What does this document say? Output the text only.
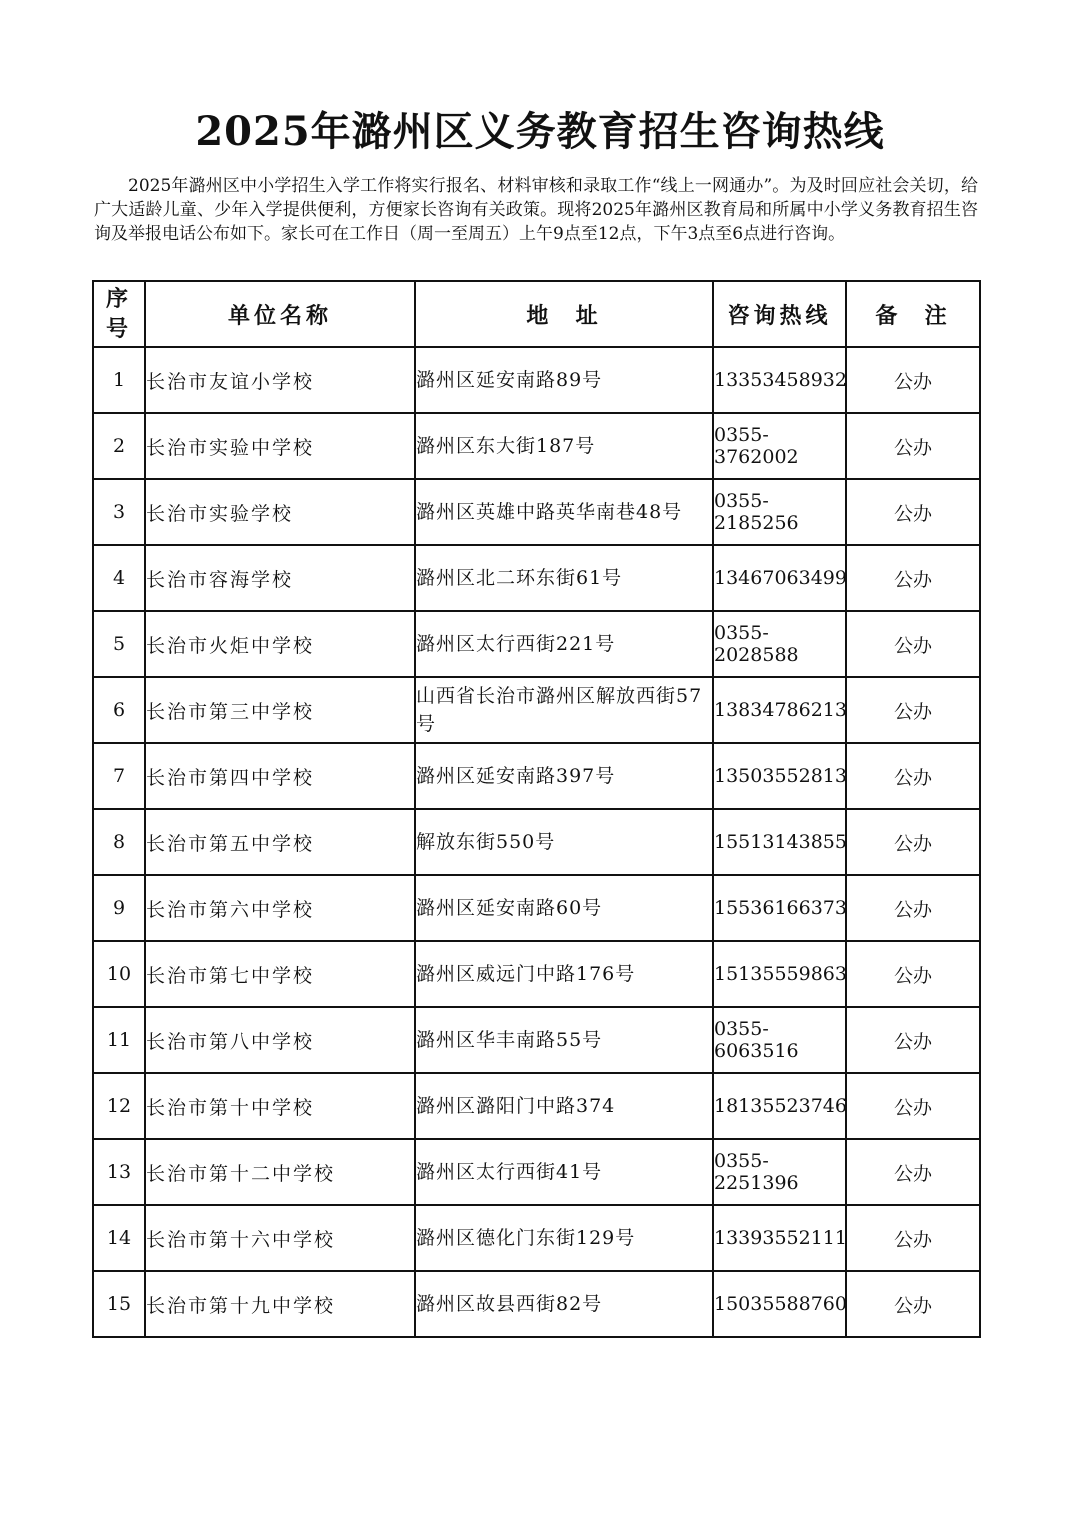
2025年潞州区义务教育招生咨询热线

2025年潞州区中小学招生入学工作将实行报名、材料审核和录取工作“线上一网通办”。为及时回应社会关切，给广大适龄儿童、少年入学提供便利，方便家长咨询有关政策。现将2025年潞州区教育局和所属中小学义务教育招生咨询及举报电话公布如下。家长可在工作日（周一至周五）上午9点至12点，下午3点至6点进行咨询。

序号	单位名称	地  址	咨询热线	备  注
1	长治市友谊小学校	潞州区延安南路89号	13353458932	公办
2	长治市实验中学校	潞州区东大街187号	0355-3762002	公办
3	长治市实验学校	潞州区英雄中路英华南巷48号	0355-2185256	公办
4	长治市容海学校	潞州区北二环东街61号	13467063499	公办
5	长治市火炬中学校	潞州区太行西街221号	0355-2028588	公办
6	长治市第三中学校	山西省长治市潞州区解放西街57号	13834786213	公办
7	长治市第四中学校	潞州区延安南路397号	13503552813	公办
8	长治市第五中学校	解放东街550号	15513143855	公办
9	长治市第六中学校	潞州区延安南路60号	15536166373	公办
10	长治市第七中学校	潞州区威远门中路176号	15135559863	公办
11	长治市第八中学校	潞州区华丰南路55号	0355-6063516	公办
12	长治市第十中学校	潞州区潞阳门中路374	18135523746	公办
13	长治市第十二中学校	潞州区太行西街41号	0355-2251396	公办
14	长治市第十六中学校	潞州区德化门东街129号	13393552111	公办
15	长治市第十九中学校	潞州区故县西街82号	15035588760	公办
